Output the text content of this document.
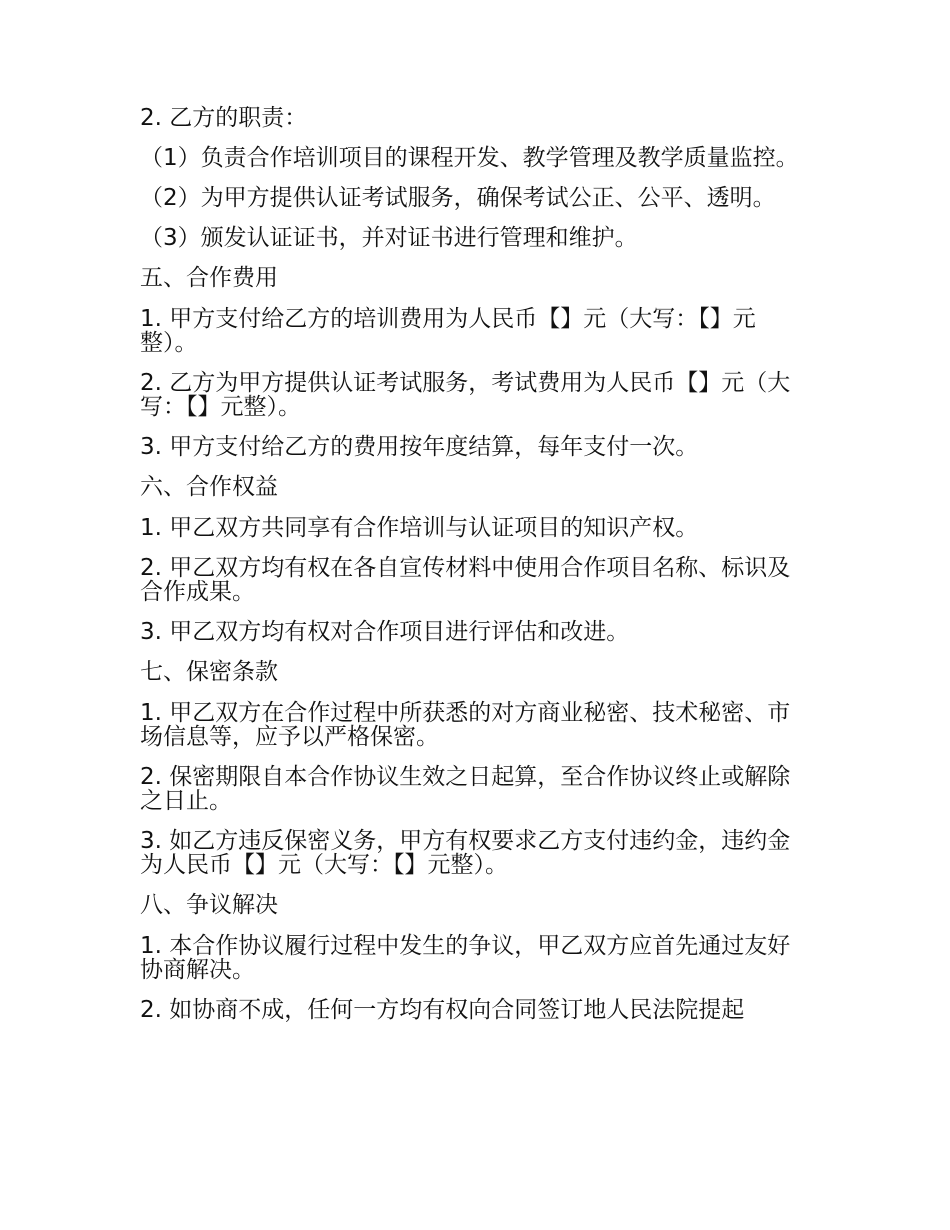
2. 乙方的职责：

（1）负责合作培训项目的课程开发、教学管理及教学质量监控。

（2）为甲方提供认证考试服务，确保考试公正、公平、透明。

（3）颁发认证证书，并对证书进行管理和维护。

五、合作费用

1. 甲方支付给乙方的培训费用为人民币【】元（大写：【】元整）。

2. 乙方为甲方提供认证考试服务，考试费用为人民币【】元（大写：【】元整）。

3. 甲方支付给乙方的费用按年度结算，每年支付一次。

六、合作权益

1. 甲乙双方共同享有合作培训与认证项目的知识产权。

2. 甲乙双方均有权在各自宣传材料中使用合作项目名称、标识及合作成果。

3. 甲乙双方均有权对合作项目进行评估和改进。

七、保密条款

1. 甲乙双方在合作过程中所获悉的对方商业秘密、技术秘密、市场信息等，应予以严格保密。

2. 保密期限自本合作协议生效之日起算，至合作协议终止或解除之日止。

3. 如乙方违反保密义务，甲方有权要求乙方支付违约金，违约金为人民币【】元（大写：【】元整）。

八、争议解决

1. 本合作协议履行过程中发生的争议，甲乙双方应首先通过友好协商解决。

2. 如协商不成，任何一方均有权向合同签订地人民法院提起
